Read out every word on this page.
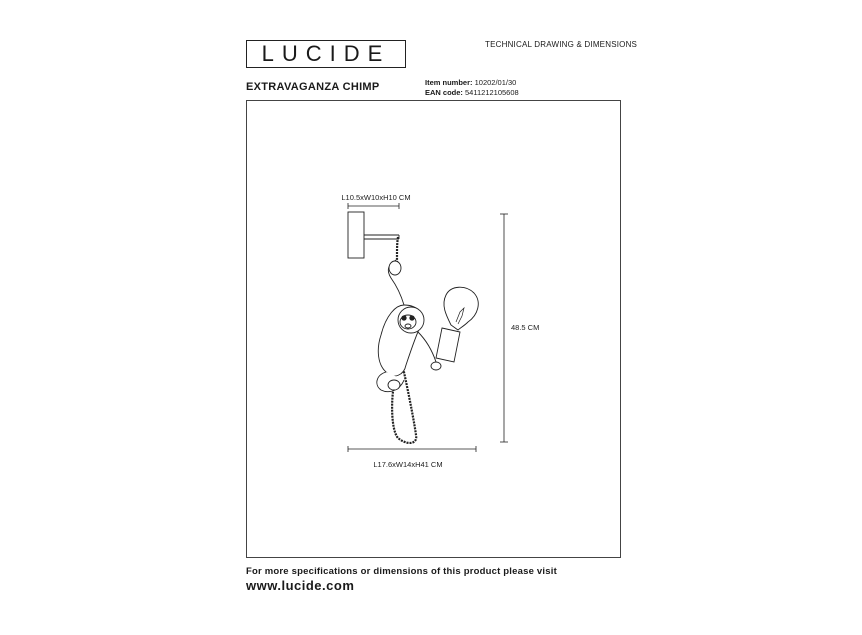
LUCIDE	TECHNICAL DRAWING & DIMENSIONS
EXTRAVAGANZA CHIMP	Item number: 10202/01/30
EAN code: 5411212105608
L10.5xW10xH10 CM
48.5 CM
L17.6xW14xH41 CM
For more specifications or dimensions of this product please visit
www.lucide.com
